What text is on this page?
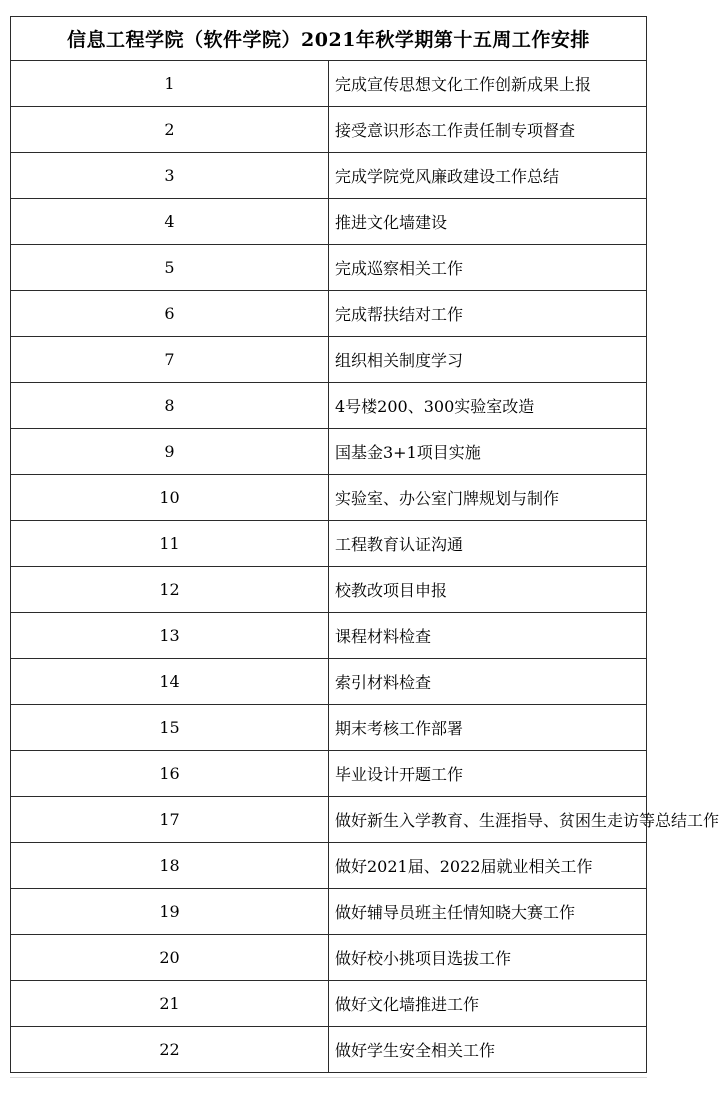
信息工程学院（软件学院）2021年秋学期第十五周工作安排	
1	完成宣传思想文化工作创新成果上报
2	接受意识形态工作责任制专项督查
3	完成学院党风廉政建设工作总结
4	推进文化墙建设
5	完成巡察相关工作
6	完成帮扶结对工作
7	组织相关制度学习
8	4号楼200、300实验室改造
9	国基金3+1项目实施
10	实验室、办公室门牌规划与制作
11	工程教育认证沟通
12	校教改项目申报
13	课程材料检查
14	索引材料检查
15	期末考核工作部署
16	毕业设计开题工作
17	做好新生入学教育、生涯指导、贫困生走访等总结工作
18	做好2021届、2022届就业相关工作
19	做好辅导员班主任情知晓大赛工作
20	做好校小挑项目选拔工作
21	做好文化墙推进工作
22	做好学生安全相关工作
